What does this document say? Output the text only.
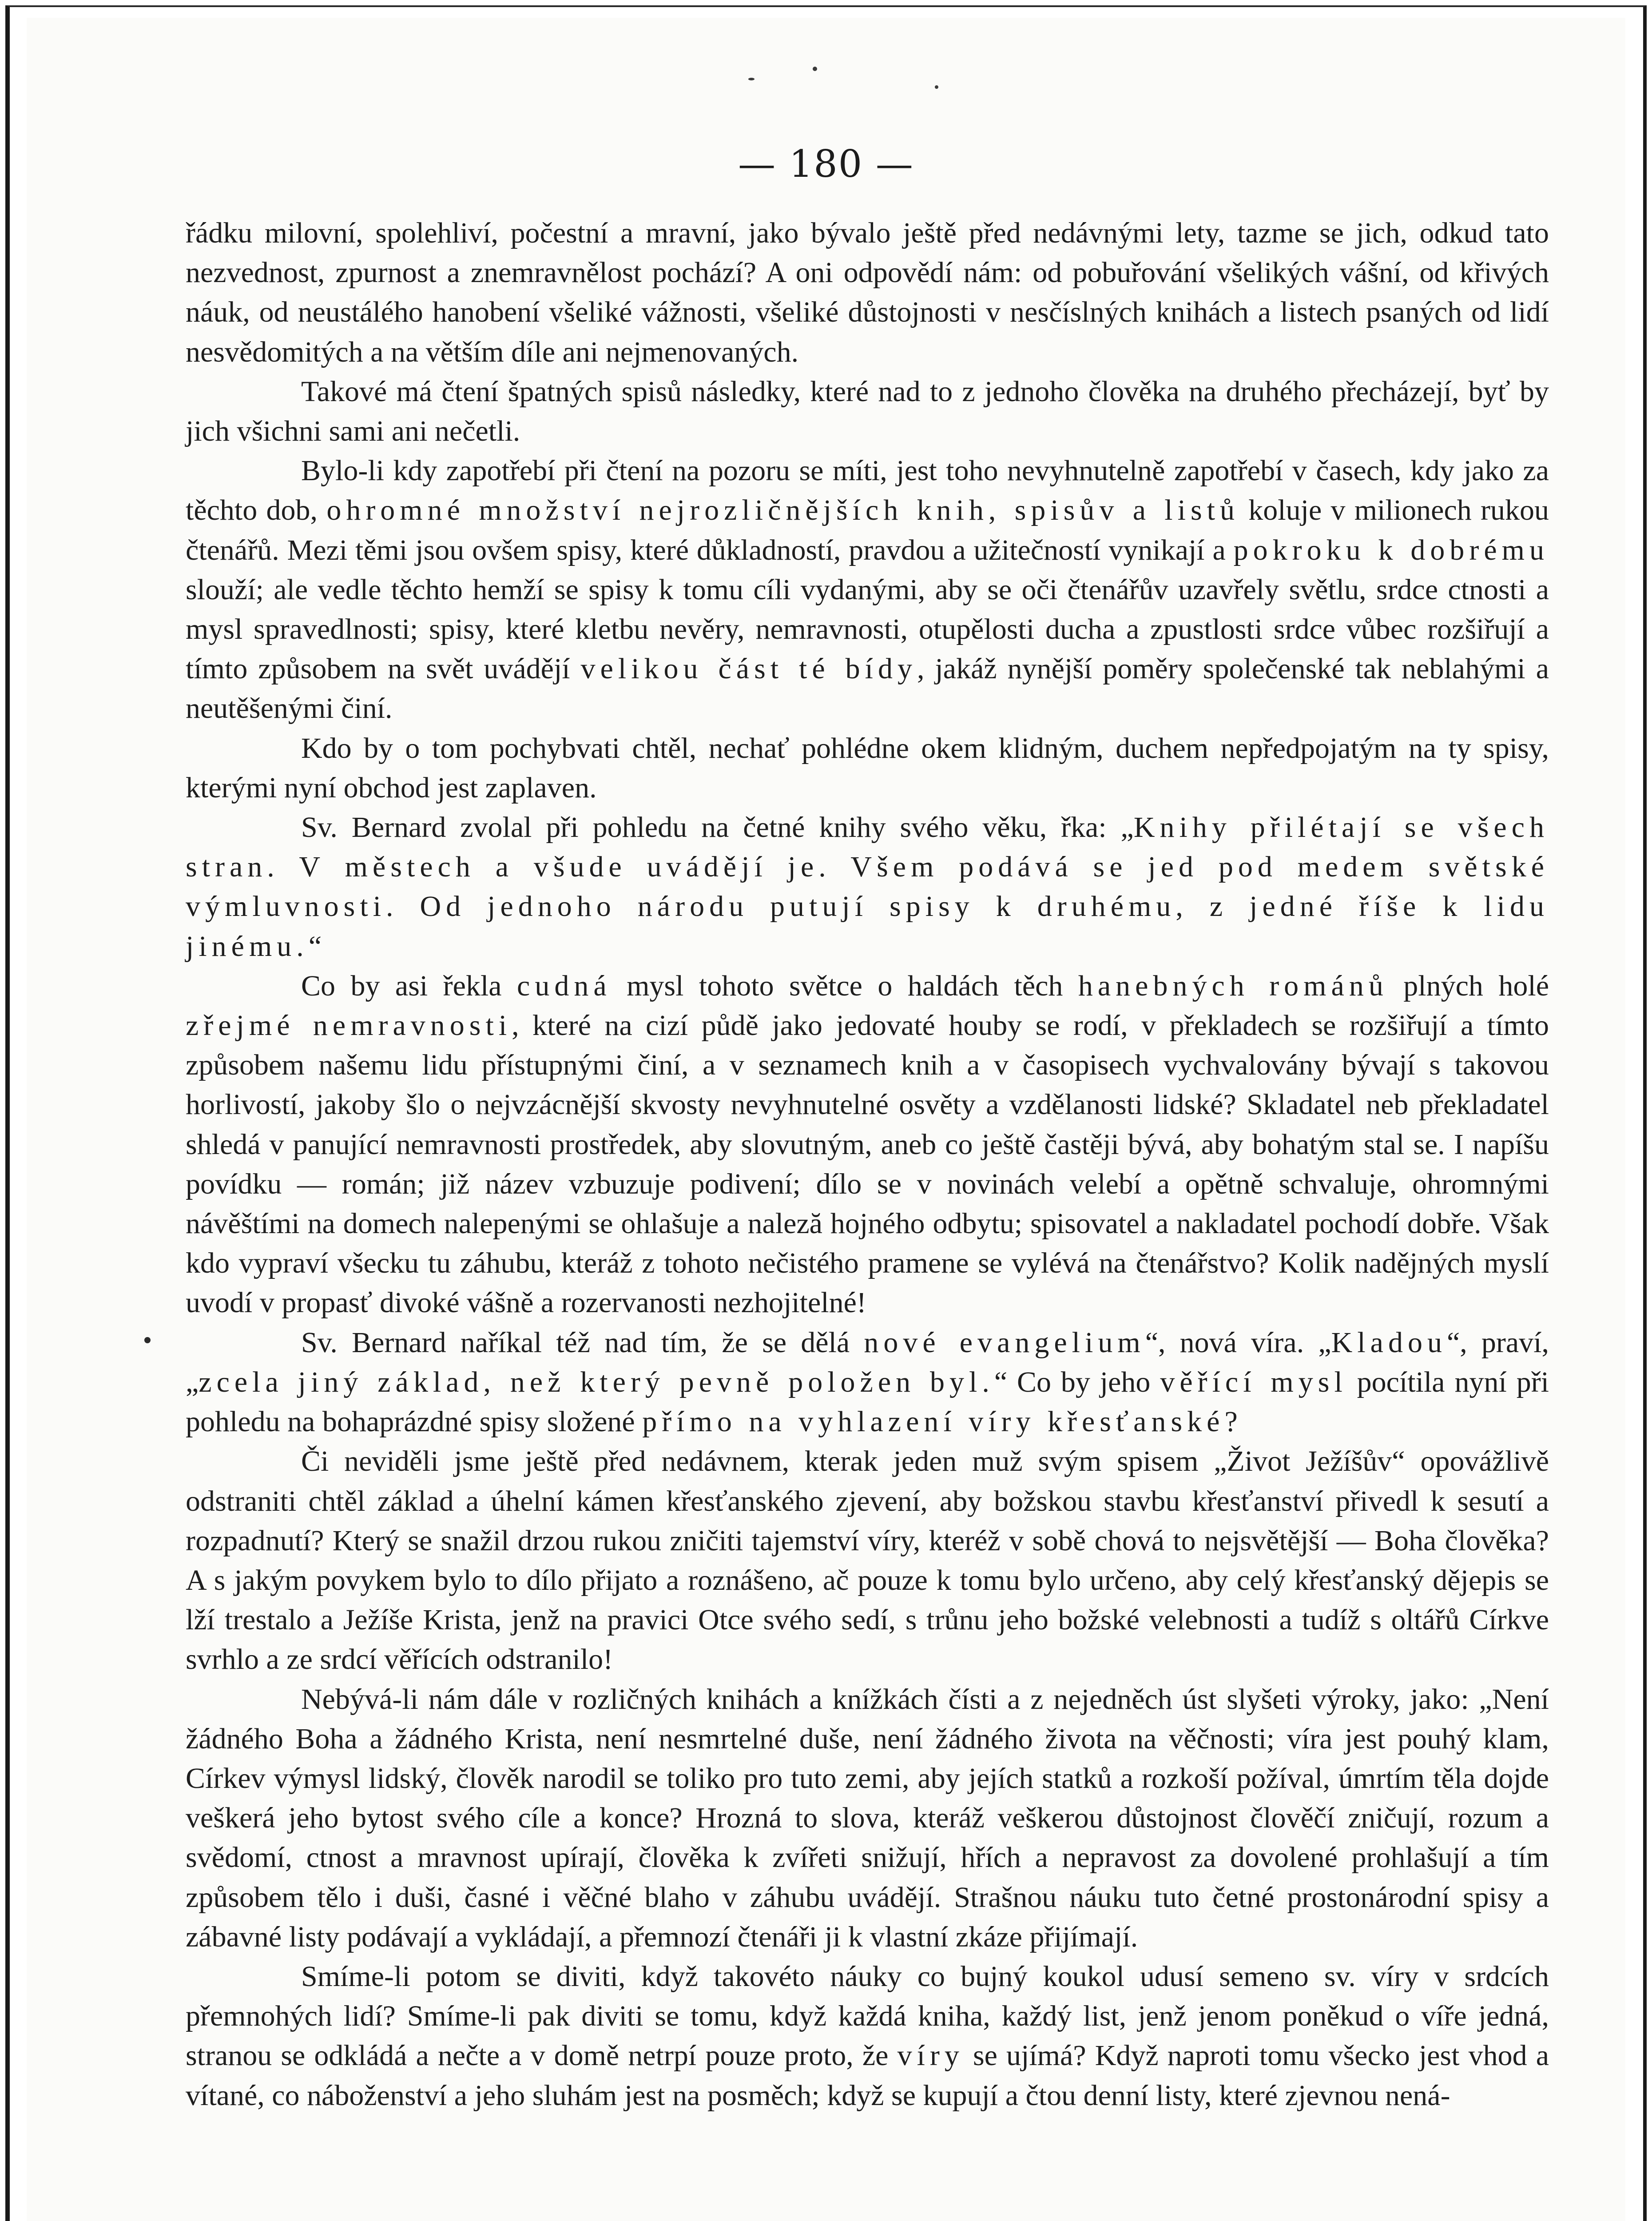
— 180 —

řádku milovní, spolehliví, počestní a mravní, jako bývalo ještě před nedávnými lety, tazme se jich, odkud tato nezvednost, zpurnost a znemravnělost pochází? A oni odpovědí nám: od pobuřování všelikých vášní, od křivých náuk, od neustálého hanobení všeliké vážnosti, všeliké důstojnosti v nesčíslných knihách a listech psaných od lidí nesvědomitých a na větším díle ani nejmenovaných.

Takové má čtení špatných spisů následky, které nad to z jednoho člověka na druhého přecházejí, byť by jich všichni sami ani nečetli.

Bylo-li kdy zapotřebí při čtení na pozoru se míti, jest toho nevyhnutelně zapotřebí v časech, kdy jako za těchto dob, ohromné množství nejrozličnějších knih, spisův a listů koluje v milionech rukou čtenářů. Mezi těmi jsou ovšem spisy, které důkladností, pravdou a užitečností vynikají a pokroku k dobrému slouží; ale vedle těchto hemží se spisy k tomu cíli vydanými, aby se oči čtenářův uzavřely světlu, srdce ctnosti a mysl spravedlnosti; spisy, které kletbu nevěry, nemravnosti, otupělosti ducha a zpustlosti srdce vůbec rozšiřují a tímto způsobem na svět uvádějí velikou část té bídy, jakáž nynější poměry společenské tak neblahými a neutěšenými činí.

Kdo by o tom pochybvati chtěl, nechať pohlédne okem klidným, duchem nepředpojatým na ty spisy, kterými nyní obchod jest zaplaven.

Sv. Bernard zvolal při pohledu na četné knihy svého věku, řka: „Knihy přilétají se všech stran. V městech a všude uvádějí je. Všem podává se jed pod medem světské výmluvnosti. Od jednoho národu putují spisy k druhému, z jedné říše k lidu jinému.“

Co by asi řekla cudná mysl tohoto světce o haldách těch hanebných románů plných holé zřejmé nemravnosti, které na cizí půdě jako jedovaté houby se rodí, v překladech se rozšiřují a tímto způsobem našemu lidu přístupnými činí, a v seznamech knih a v časopisech vychvalovány bývají s takovou horlivostí, jakoby šlo o nejvzácnější skvosty nevyhnutelné osvěty a vzdělanosti lidské? Skladatel neb překladatel shledá v panující nemravnosti prostředek, aby slovutným, aneb co ještě častěji bývá, aby bohatým stal se. I napíšu povídku — román; již název vzbuzuje podivení; dílo se v novinách velebí a opětně schvaluje, ohromnými návěštími na domech nalepenými se ohlašuje a naleză hojného odbytu; spisovatel a nakladatel pochodí dobře. Však kdo vypraví všecku tu záhubu, kteráž z tohoto nečistého pramene se vylévá na čtenářstvo? Kolik nadějných myslí uvodí v propasť divoké vášně a rozervanosti nezhojitelné!

Sv. Bernard naříkal též nad tím, že se dělá nové evangelium“, nová víra. „Kladou“, praví, „zcela jiný základ, než který pevně položen byl.“ Co by jeho věřící mysl pocítila nyní při pohledu na bohaprázdné spisy složené přímo na vyhlazení víry křesťanské?

Či neviděli jsme ještě před nedávnem, kterak jeden muž svým spisem „Život Ježíšův“ opovážlivě odstraniti chtěl základ a úhelní kámen křesťanského zjevení, aby božskou stavbu křesťanství přivedl k sesutí a rozpadnutí? Který se snažil drzou rukou zničiti tajemství víry, kteréž v sobě chová to nejsvětější — Boha člověka? A s jakým povykem bylo to dílo přijato a roznášeno, ač pouze k tomu bylo určeno, aby celý křesťanský dějepis se lží trestalo a Ježíše Krista, jenž na pravici Otce svého sedí, s trůnu jeho božské velebnosti a tudíž s oltářů Církve svrhlo a ze srdcí věřících odstranilo!

Nebývá-li nám dále v rozličných knihách a knížkách čísti a z nejedněch úst slyšeti výroky, jako: „Není žádného Boha a žádného Krista, není nesmrtelné duše, není žádného života na věčnosti; víra jest pouhý klam, Církev výmysl lidský, člověk narodil se toliko pro tuto zemi, aby jejích statků a rozkoší požíval, úmrtím těla dojde veškerá jeho bytost svého cíle a konce? Hrozná to slova, kteráž veškerou důstojnost člověčí zničují, rozum a svědomí, ctnost a mravnost upírají, člověka k zvířeti snižují, hřích a nepravost za dovolené prohlašují a tím způsobem tělo i duši, časné i věčné blaho v záhubu uvádějí. Strašnou náuku tuto četné prostonárodní spisy a zábavné listy podávají a vykládají, a přemnozí čtenáři ji k vlastní zkáze přijímají.

Smíme-li potom se diviti, když takovéto náuky co bujný koukol udusí semeno sv. víry v srdcích přemnohých lidí? Smíme-li pak diviti se tomu, když každá kniha, každý list, jenž jenom poněkud o víře jedná, stranou se odkládá a nečte a v domě netrpí pouze proto, že víry se ujímá? Když naproti tomu všecko jest vhod a vítané, co náboženství a jeho sluhám jest na posměch; když se kupují a čtou denní listy, které zjevnou nená-
